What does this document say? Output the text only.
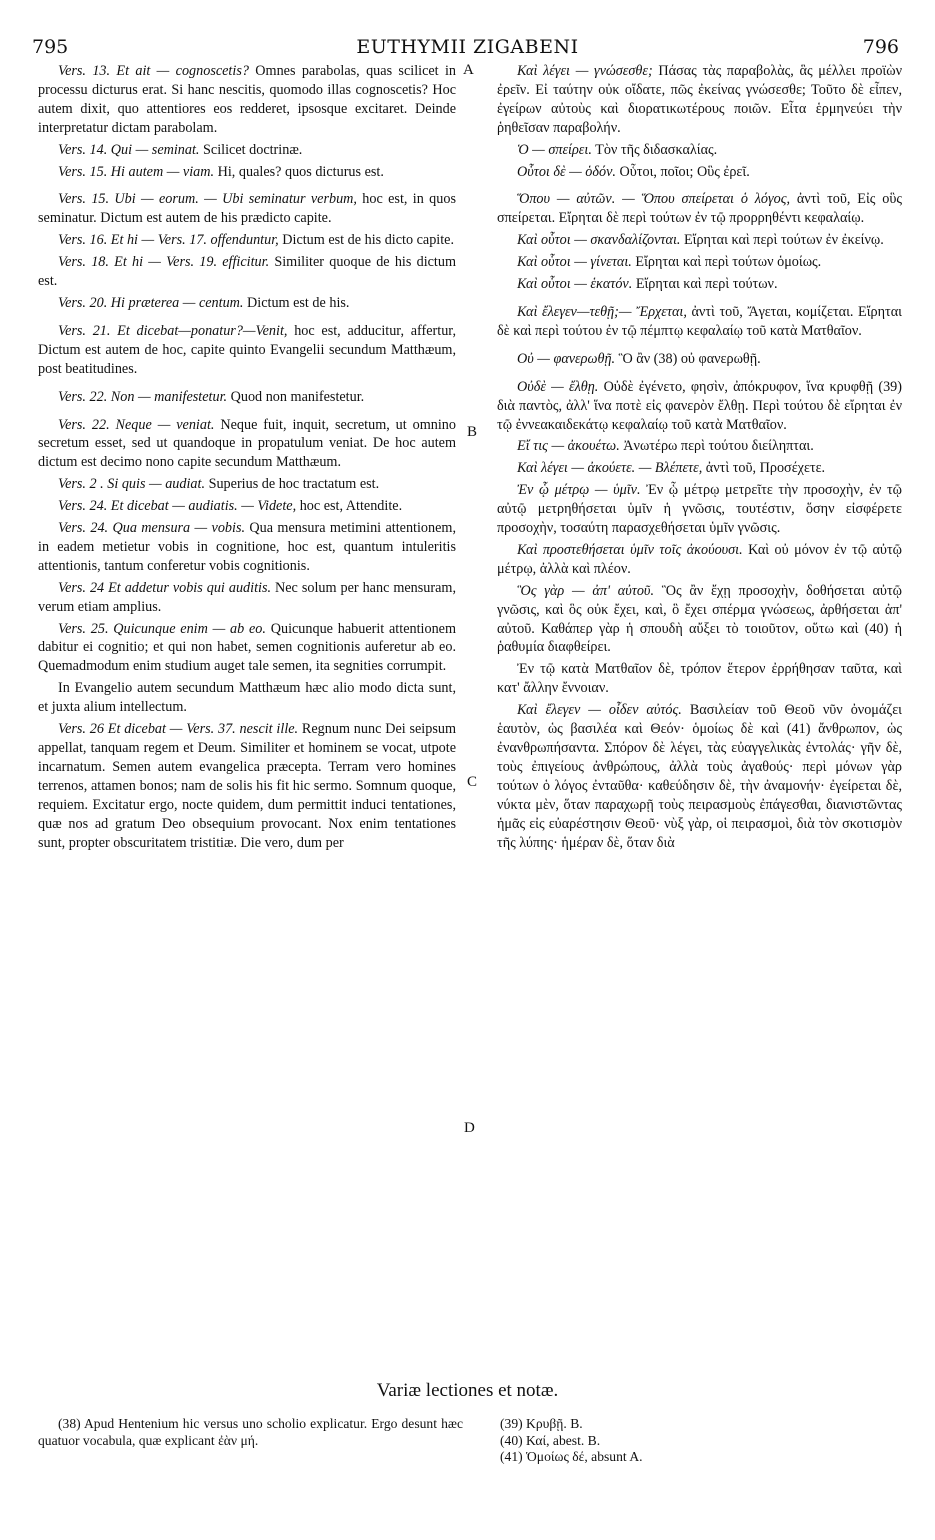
795	EUTHYMII ZIGABENI	796

Vers. 13. Et ait — cognoscetis? Omnes parabolas, quas scilicet in processu dicturus erat. Si hanc nescitis, quomodo illas cognoscetis? Hoc autem dixit, quo attentiores eos redderet, ipsosque excitaret. Deinde interpretatur dictam parabolam.

Vers. 14. Qui — seminat. Scilicet doctrinæ.

Vers. 15. Hi autem — viam. Hi, quales? quos dicturus est.

Vers. 15. Ubi — eorum. — Ubi seminatur verbum, hoc est, in quos seminatur. Dictum est autem de his prædicto capite.

Vers. 16. Et hi — Vers. 17. offenduntur, Dictum est de his dicto capite.

Vers. 18. Et hi — Vers. 19. efficitur. Similiter quoque de his dictum est.

Vers. 20. Hi præterea — centum. Dictum est de his.

Vers. 21. Et dicebat—ponatur?—Venit, hoc est, adducitur, affertur, Dictum est autem de hoc, capite quinto Evangelii secundum Matthæum, post beatitudines.

Vers. 22. Non — manifestetur. Quod non manifestetur.

Vers. 22. Neque — veniat. Neque fuit, inquit, secretum, ut omnino secretum esset, sed ut quandoque in propatulum veniat. De hoc autem dictum est decimo nono capite secundum Matthæum.

Vers. 2 . Si quis — audiat. Superius de hoc tractatum est.

Vers. 24. Et dicebat — audiatis. — Videte, hoc est, Attendite.

Vers. 24. Qua mensura — vobis. Qua mensura metimini attentionem, in eadem metietur vobis in cognitione, hoc est, quantum intuleritis attentionis, tantum conferetur vobis cognitionis.

Vers. 24 Et addetur vobis qui auditis. Nec solum per hanc mensuram, verum etiam amplius.

Vers. 25. Quicunque enim — ab eo. Quicunque habuerit attentionem dabitur ei cognitio; et qui non habet, semen cognitionis auferetur ab eo. Quemadmodum enim studium auget tale semen, ita segnities corrumpit.

In Evangelio autem secundum Matthæum hæc alio modo dicta sunt, et juxta alium intellectum.

Vers. 26 Et dicebat — Vers. 37. nescit ille. Regnum nunc Dei seipsum appellat, tanquam regem et Deum. Similiter et hominem se vocat, utpote incarnatum. Semen autem evangelica præcepta. Terram vero homines terrenos, attamen bonos; nam de solis his fit hic sermo. Somnum quoque, requiem. Excitatur ergo, nocte quidem, dum permittit induci tentationes, quæ nos ad gratum Deo obsequium provocant. Nox enim tentationes sunt, propter obscuritatem tristitiæ. Die vero, dum per

Καὶ λέγει — γνώσεσθε; Πάσας τὰς παραβολὰς, ἃς μέλλει προϊὼν ἐρεῖν. Εἰ ταύτην οὐκ οἴδατε, πῶς ἐκείνας γνώσεσθε; Τοῦτο δὲ εἶπεν, ἐγείρων αὐτοὺς καὶ διορατικωτέρους ποιῶν. Εἶτα ἑρμηνεύει τὴν ῥηθεῖσαν παραβολήν.

Ὁ — σπείρει. Τὸν τῆς διδασκαλίας.

Οὗτοι δὲ — ὁδόν. Οὗτοι, ποῖοι; Οὓς ἐρεῖ.

Ὅπου — αὐτῶν. — Ὅπου σπείρεται ὁ λόγος, ἀντὶ τοῦ, Εἰς οὓς σπείρεται. Εἴρηται δὲ περὶ τούτων ἐν τῷ προρρηθέντι κεφαλαίῳ.

Καὶ οὗτοι — σκανδαλίζονται. Εἴρηται καὶ περὶ τούτων ἐν ἐκείνῳ.

Καὶ οὗτοι — γίνεται. Εἴρηται καὶ περὶ τούτων ὁμοίως.

Καὶ οὗτοι — ἑκατόν. Εἴρηται καὶ περὶ τούτων.

Καὶ ἔλεγεν—τεθῇ;— Ἔρχεται, ἀντὶ τοῦ, Ἄγεται, κομίζεται. Εἴρηται δὲ καὶ περὶ τούτου ἐν τῷ πέμπτῳ κεφαλαίῳ τοῦ κατὰ Ματθαῖον.

Οὐ — φανερωθῇ. Ὃ ἂν (38) οὐ φανερωθῇ.

Οὐδὲ — ἔλθῃ. Οὐδὲ ἐγένετο, φησὶν, ἀπόκρυφον, ἵνα κρυφθῇ (39) διὰ παντὸς, ἀλλ' ἵνα ποτὲ εἰς φανερὸν ἔλθῃ. Περὶ τούτου δὲ εἴρηται ἐν τῷ ἐννεακαιδεκάτῳ κεφαλαίῳ τοῦ κατὰ Ματθαῖον.

Εἴ τις — ἀκουέτω. Ἀνωτέρω περὶ τούτου διείληπται.

Καὶ λέγει — ἀκούετε. — Βλέπετε, ἀντὶ τοῦ, Προσέχετε.

Ἐν ᾧ μέτρῳ — ὑμῖν. Ἐν ᾧ μέτρῳ μετρεῖτε τὴν προσοχὴν, ἐν τῷ αὐτῷ μετρηθήσεται ὑμῖν ἡ γνῶσις, τουτέστιν, ὅσην εἰσφέρετε προσοχὴν, τοσαύτη παρασχεθήσεται ὑμῖν γνῶσις.

Καὶ προστεθήσεται ὑμῖν τοῖς ἀκούουσι. Καὶ οὐ μόνον ἐν τῷ αὐτῷ μέτρῳ, ἀλλὰ καὶ πλέον.

Ὃς γὰρ — ἀπ' αὐτοῦ. Ὃς ἂν ἔχῃ προσοχὴν, δοθήσεται αὐτῷ γνῶσις, καὶ ὃς οὐκ ἔχει, καὶ, ὃ ἔχει σπέρμα γνώσεως, ἀρθήσεται ἀπ' αὐτοῦ. Καθάπερ γὰρ ἡ σπουδὴ αὔξει τὸ τοιοῦτον, οὕτω καὶ (40) ἡ ῥαθυμία διαφθείρει.

Ἐν τῷ κατὰ Ματθαῖον δὲ, τρόπον ἕτερον ἐρρήθησαν ταῦτα, καὶ κατ' ἄλλην ἔννοιαν.

Καὶ ἔλεγεν — οἶδεν αὐτός. Βασιλείαν τοῦ Θεοῦ νῦν ὀνομάζει ἑαυτὸν, ὡς βασιλέα καὶ Θεόν· ὁμοίως δὲ καὶ (41) ἄνθρωπον, ὡς ἐνανθρωπήσαντα. Σπόρον δὲ λέγει, τὰς εὐαγγελικὰς ἐντολάς· γῆν δὲ, τοὺς ἐπιγείους ἀνθρώπους, ἀλλὰ τοὺς ἀγαθούς· περὶ μόνων γὰρ τούτων ὁ λόγος ἐνταῦθα· καθεύδησιν δὲ, τὴν ἀναμονήν· ἐγείρεται δὲ, νύκτα μὲν, ὅταν παραχωρῇ τοὺς πειρασμοὺς ἐπάγεσθαι, διανιστῶντας ἡμᾶς εἰς εὐαρέστησιν Θεοῦ· νὺξ γὰρ, οἱ πειρασμοὶ, διὰ τὸν σκοτισμὸν τῆς λύπης· ἡμέραν δὲ, ὅταν διὰ

A
B
C
D
Variæ lectiones et notæ.

(38) Apud Hentenium hic versus uno scholio explicatur. Ergo desunt hæc quatuor vocabula, quæ explicant ἐὰν μή.

(39) Κρυβῇ. B.

(40) Καί, abest. B.

(41) Ὁμοίως δέ, absunt A.
